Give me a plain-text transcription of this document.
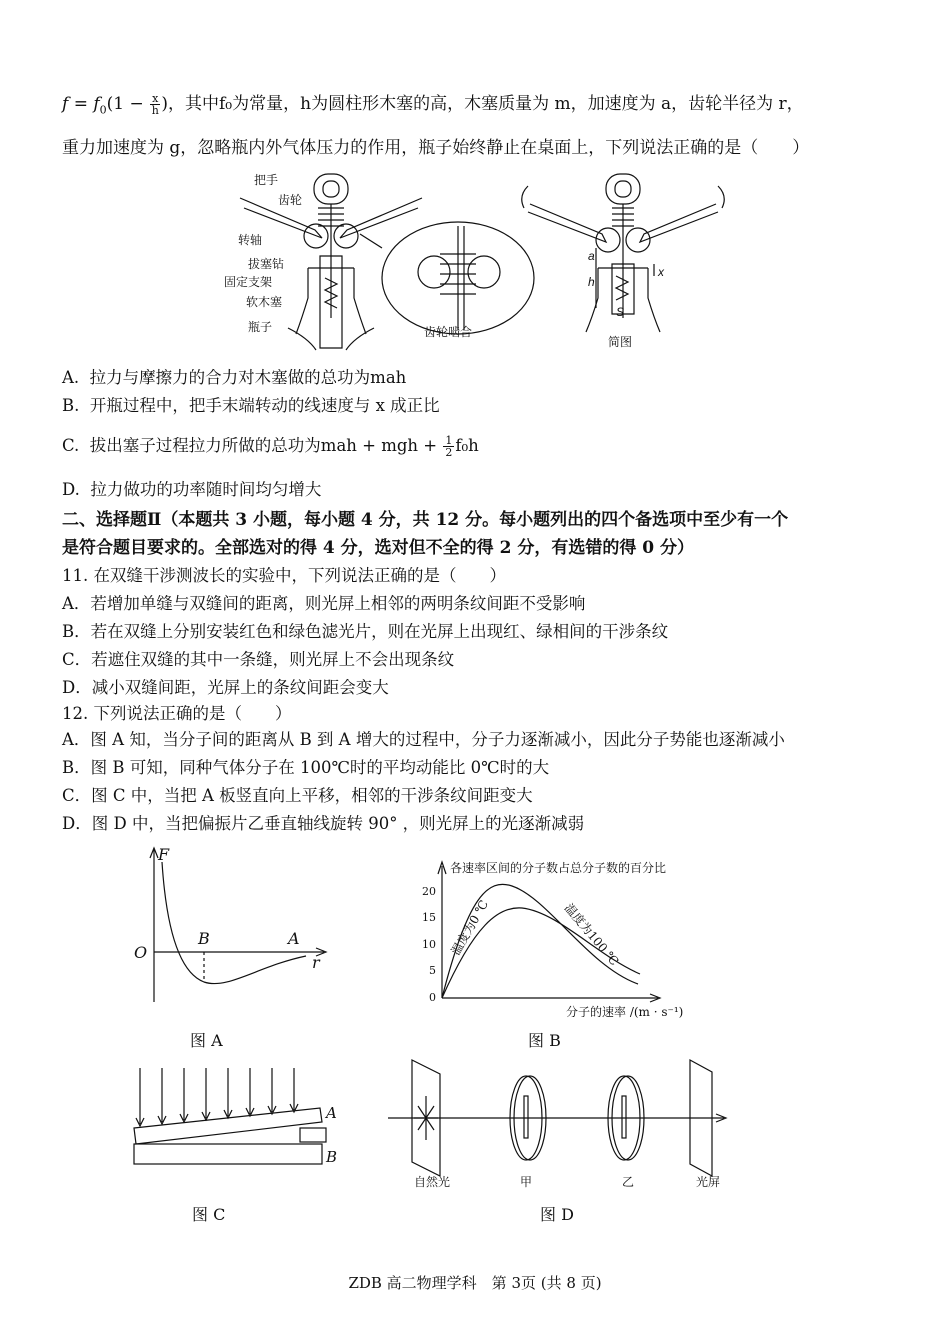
$f = f_0(1 - \frac{x}{h}$ )，其中f₀为常量，h为圆柱形木塞的高，木塞质量为 m，加速度为 a，齿轮半径为 r，
重力加速度为 g，忽略瓶内外气体压力的作用，瓶子始终静止在桌面上，下列说法正确的是（　　）
把手
齿轮
转轴
拔塞钻
固定支架
软木塞
瓶子	齿轮啮合
简图
a
h
x
S
A. 拉力与摩擦力的合力对木塞做的总功为mah
B. 开瓶过程中，把手末端转动的线速度与 x 成正比
C. 拔出塞子过程拉力所做的总功为mah + mgh + $\frac{1}{2} f_0h$
D. 拉力做功的功率随时间均匀增大
二、选择题Ⅱ（本题共 3 小题，每小题 4 分，共 12 分。每小题列出的四个备选项中至少有一个
是符合题目要求的。全部选对的得 4 分，选对但不全的得 2 分，有选错的得 0 分）
11. 在双缝干涉测波长的实验中，下列说法正确的是（　　）
A．若增加单缝与双缝间的距离，则光屏上相邻的两明条纹间距不受影响
B．若在双缝上分别安装红色和绿色滤光片，则在光屏上出现红、绿相间的干涉条纹
C．若遮住双缝的其中一条缝，则光屏上不会出现条纹
D．减小双缝间距，光屏上的条纹间距会变大
12. 下列说法正确的是（　　）
A．图 A 知，当分子间的距离从 B 到 A 增大的过程中，分子力逐渐减小，因此分子势能也逐渐减小
B．图 B 可知，同种气体分子在 100℃时的平均动能比 0℃时的大
C．图 C 中，当把 A 板竖直向上平移，相邻的干涉条纹间距变大
D．图 D 中，当把偏振片乙垂直轴线旋转 90° ，则光屏上的光逐渐减弱
F
O
B	A
r
图 A
20
15
10
5
0
各速率区间的分子数占总分子数的百分比
分子的速率 /(m · s⁻¹)
温度为0 ℃	温度为100 ℃
图 B
A
B
图 C
自然光	甲	乙	光屏
图 D
ZDB 高二物理学科　第 3页 (共 8 页)
